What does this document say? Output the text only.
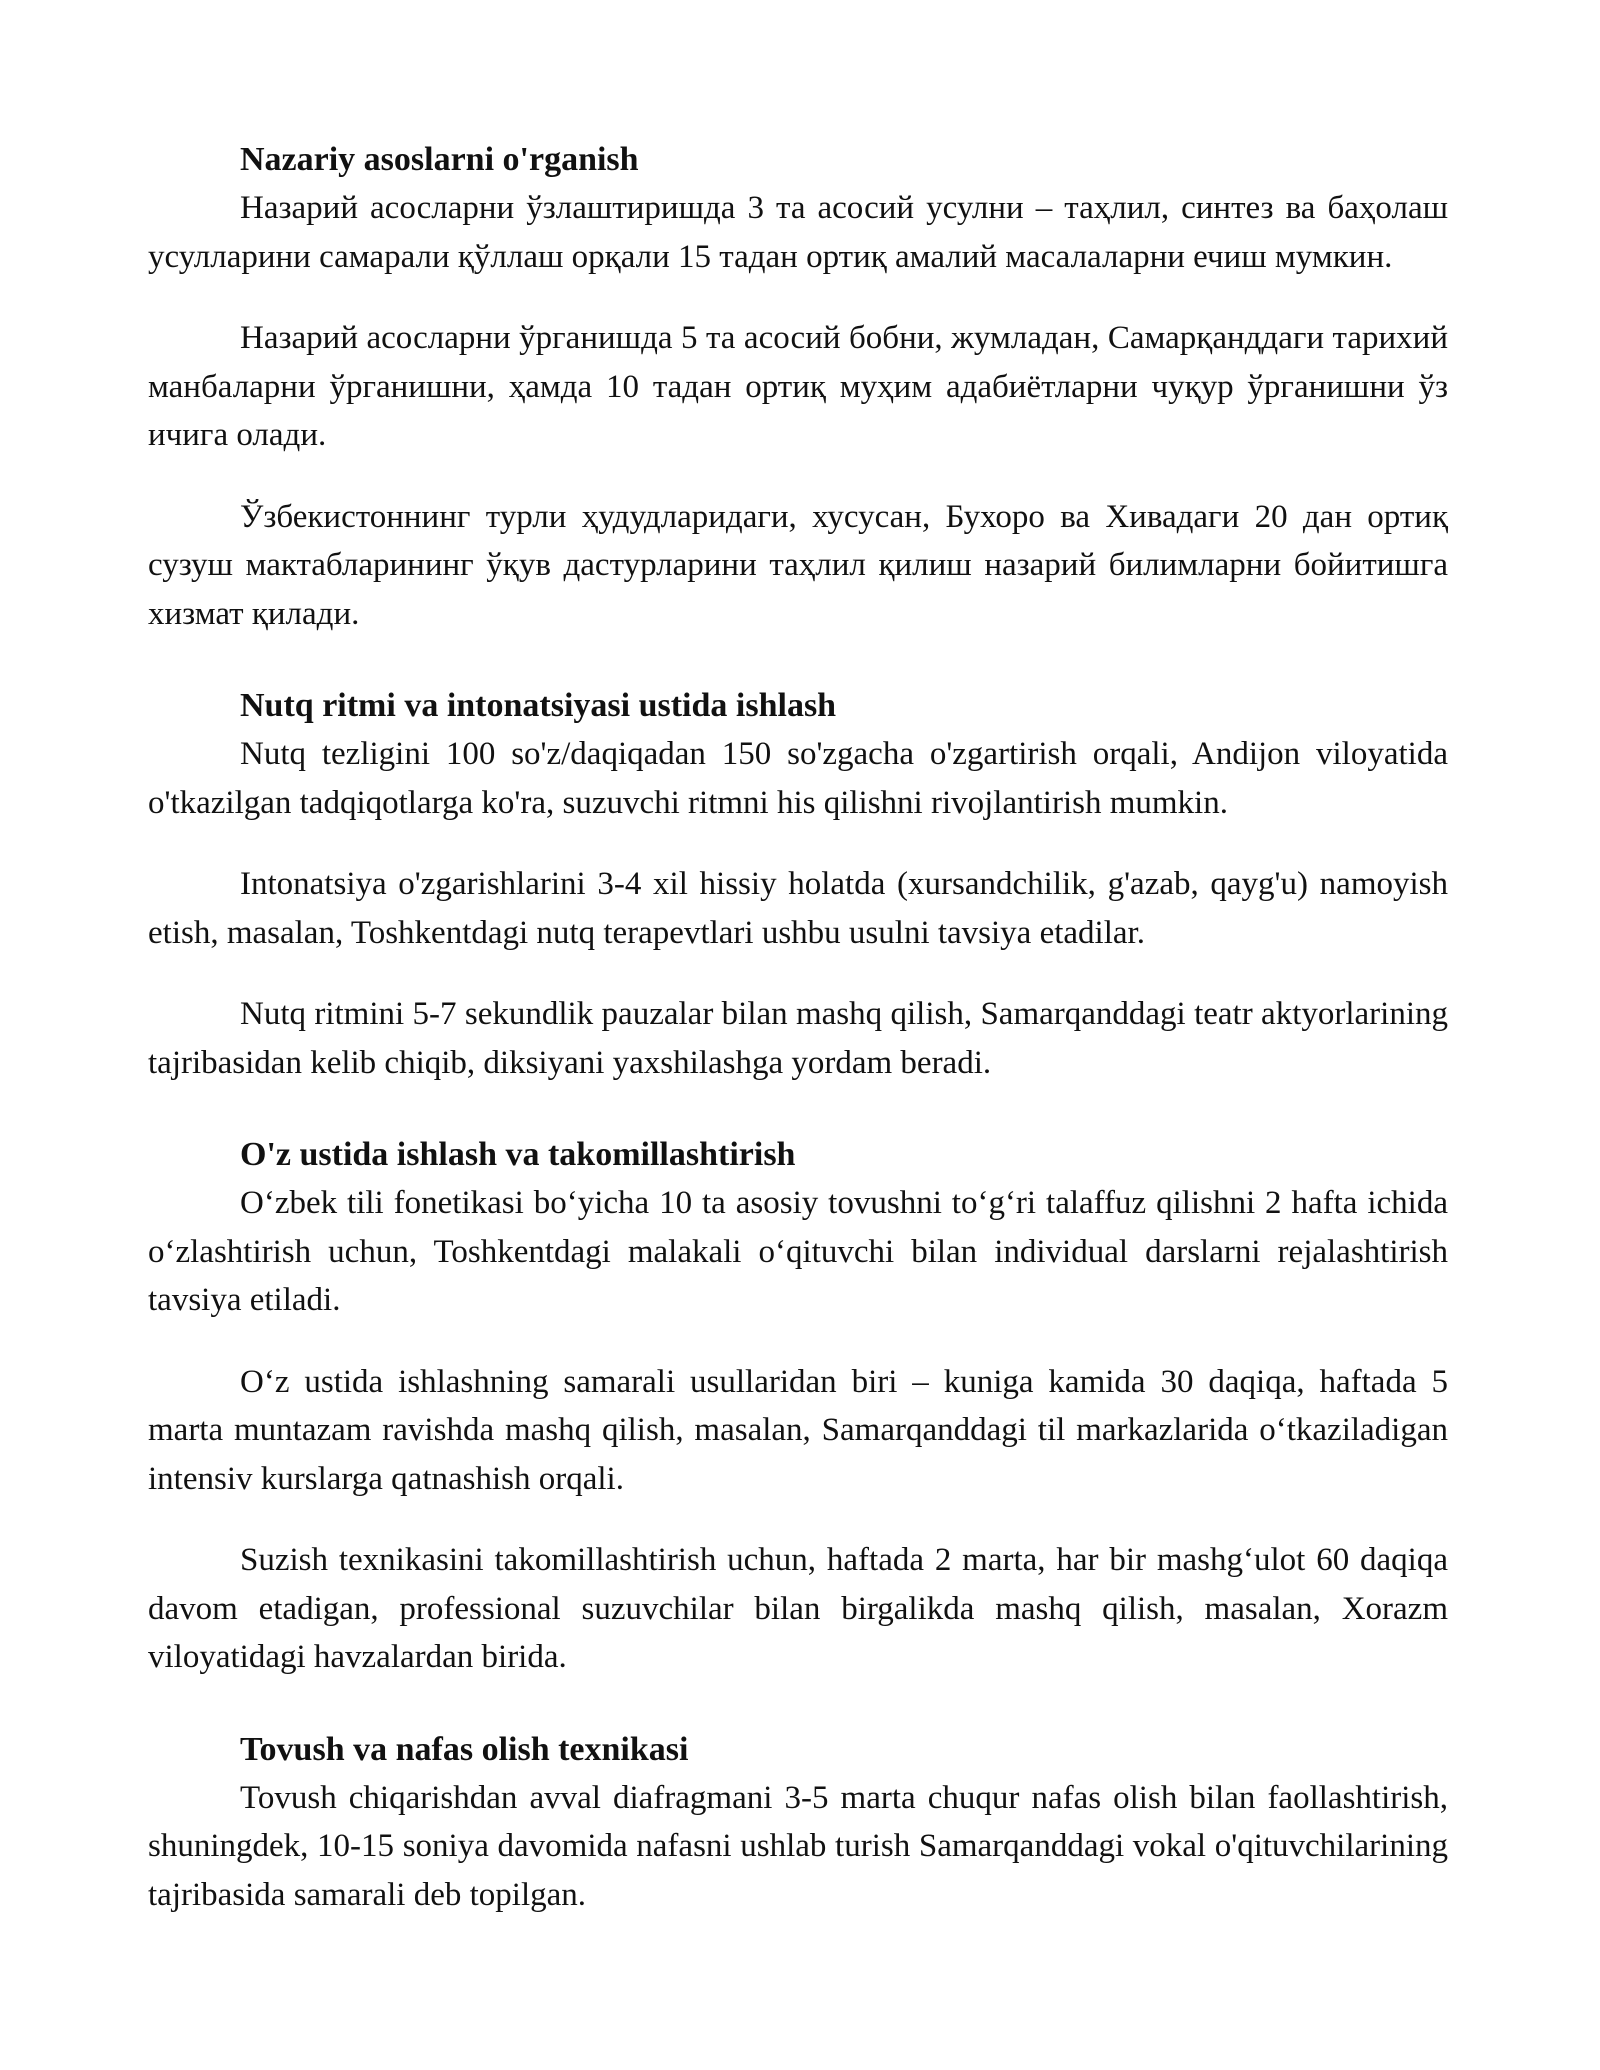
Nazariy asoslarni o'rganish

Назарий асосларни ўзлаштиришда 3 та асосий усулни – таҳлил, синтез ва баҳолаш усулларини самарали қўллаш орқали 15 тадан ортиқ амалий масалаларни ечиш мумкин.

Назарий асосларни ўрганишда 5 та асосий бобни, жумладан, Самарқанддаги тарихий манбаларни ўрганишни, ҳамда 10 тадан ортиқ муҳим адабиётларни чуқур ўрганишни ўз ичига олади.

Ўзбекистоннинг турли ҳудудларидаги, хусусан, Бухоро ва Хивадаги 20 дан ортиқ сузуш мактабларининг ўқув дастурларини таҳлил қилиш назарий билимларни бойитишга хизмат қилади.

Nutq ritmi va intonatsiyasi ustida ishlash

Nutq tezligini 100 so'z/daqiqadan 150 so'zgacha o'zgartirish orqali, Andijon viloyatida o'tkazilgan tadqiqotlarga ko'ra, suzuvchi ritmni his qilishni rivojlantirish mumkin.

Intonatsiya o'zgarishlarini 3-4 xil hissiy holatda (xursandchilik, g'azab, qayg'u) namoyish etish, masalan, Toshkentdagi nutq terapevtlari ushbu usulni tavsiya etadilar.

Nutq ritmini 5-7 sekundlik pauzalar bilan mashq qilish, Samarqanddagi teatr aktyorlarining tajribasidan kelib chiqib, diksiyani yaxshilashga yordam beradi.

O'z ustida ishlash va takomillashtirish

Oʻzbek tili fonetikasi boʻyicha 10 ta asosiy tovushni toʻgʻri talaffuz qilishni 2 hafta ichida oʻzlashtirish uchun, Toshkentdagi malakali oʻqituvchi bilan individual darslarni rejalashtirish tavsiya etiladi.

Oʻz ustida ishlashning samarali usullaridan biri – kuniga kamida 30 daqiqa, haftada 5 marta muntazam ravishda mashq qilish, masalan, Samarqanddagi til markazlarida oʻtkaziladigan intensiv kurslarga qatnashish orqali.

Suzish texnikasini takomillashtirish uchun, haftada 2 marta, har bir mashgʻulot 60 daqiqa davom etadigan, professional suzuvchilar bilan birgalikda mashq qilish, masalan, Xorazm viloyatidagi havzalardan birida.

Tovush va nafas olish texnikasi

Tovush chiqarishdan avval diafragmani 3-5 marta chuqur nafas olish bilan faollashtirish, shuningdek, 10-15 soniya davomida nafasni ushlab turish Samarqanddagi vokal o'qituvchilarining tajribasida samarali deb topilgan.
